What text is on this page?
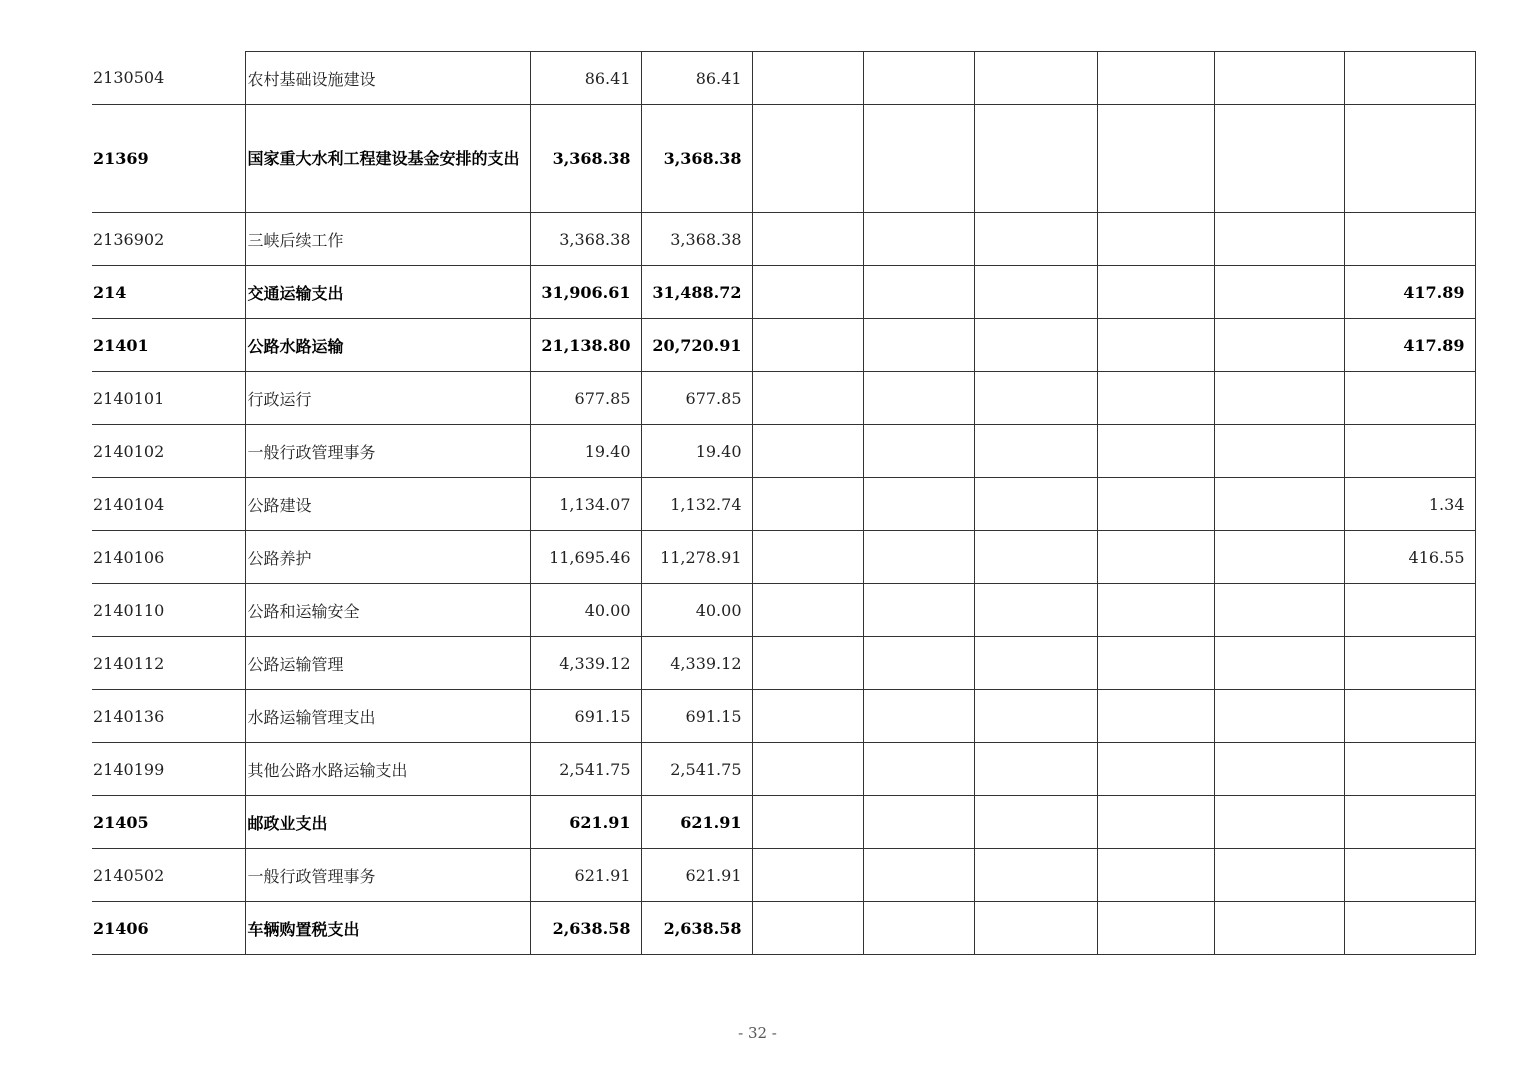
2130504	农村基础设施建设	86.41	86.41						
21369	国家重大水利工程建设基金安排的支出	3,368.38	3,368.38						
2136902	三峡后续工作	3,368.38	3,368.38						
214	交通运输支出	31,906.61	31,488.72						417.89
21401	公路水路运输	21,138.80	20,720.91						417.89
2140101	行政运行	677.85	677.85						
2140102	一般行政管理事务	19.40	19.40						
2140104	公路建设	1,134.07	1,132.74						1.34
2140106	公路养护	11,695.46	11,278.91						416.55
2140110	公路和运输安全	40.00	40.00						
2140112	公路运输管理	4,339.12	4,339.12						
2140136	水路运输管理支出	691.15	691.15						
2140199	其他公路水路运输支出	2,541.75	2,541.75						
21405	邮政业支出	621.91	621.91						
2140502	一般行政管理事务	621.91	621.91						
21406	车辆购置税支出	2,638.58	2,638.58						
- 32 -
